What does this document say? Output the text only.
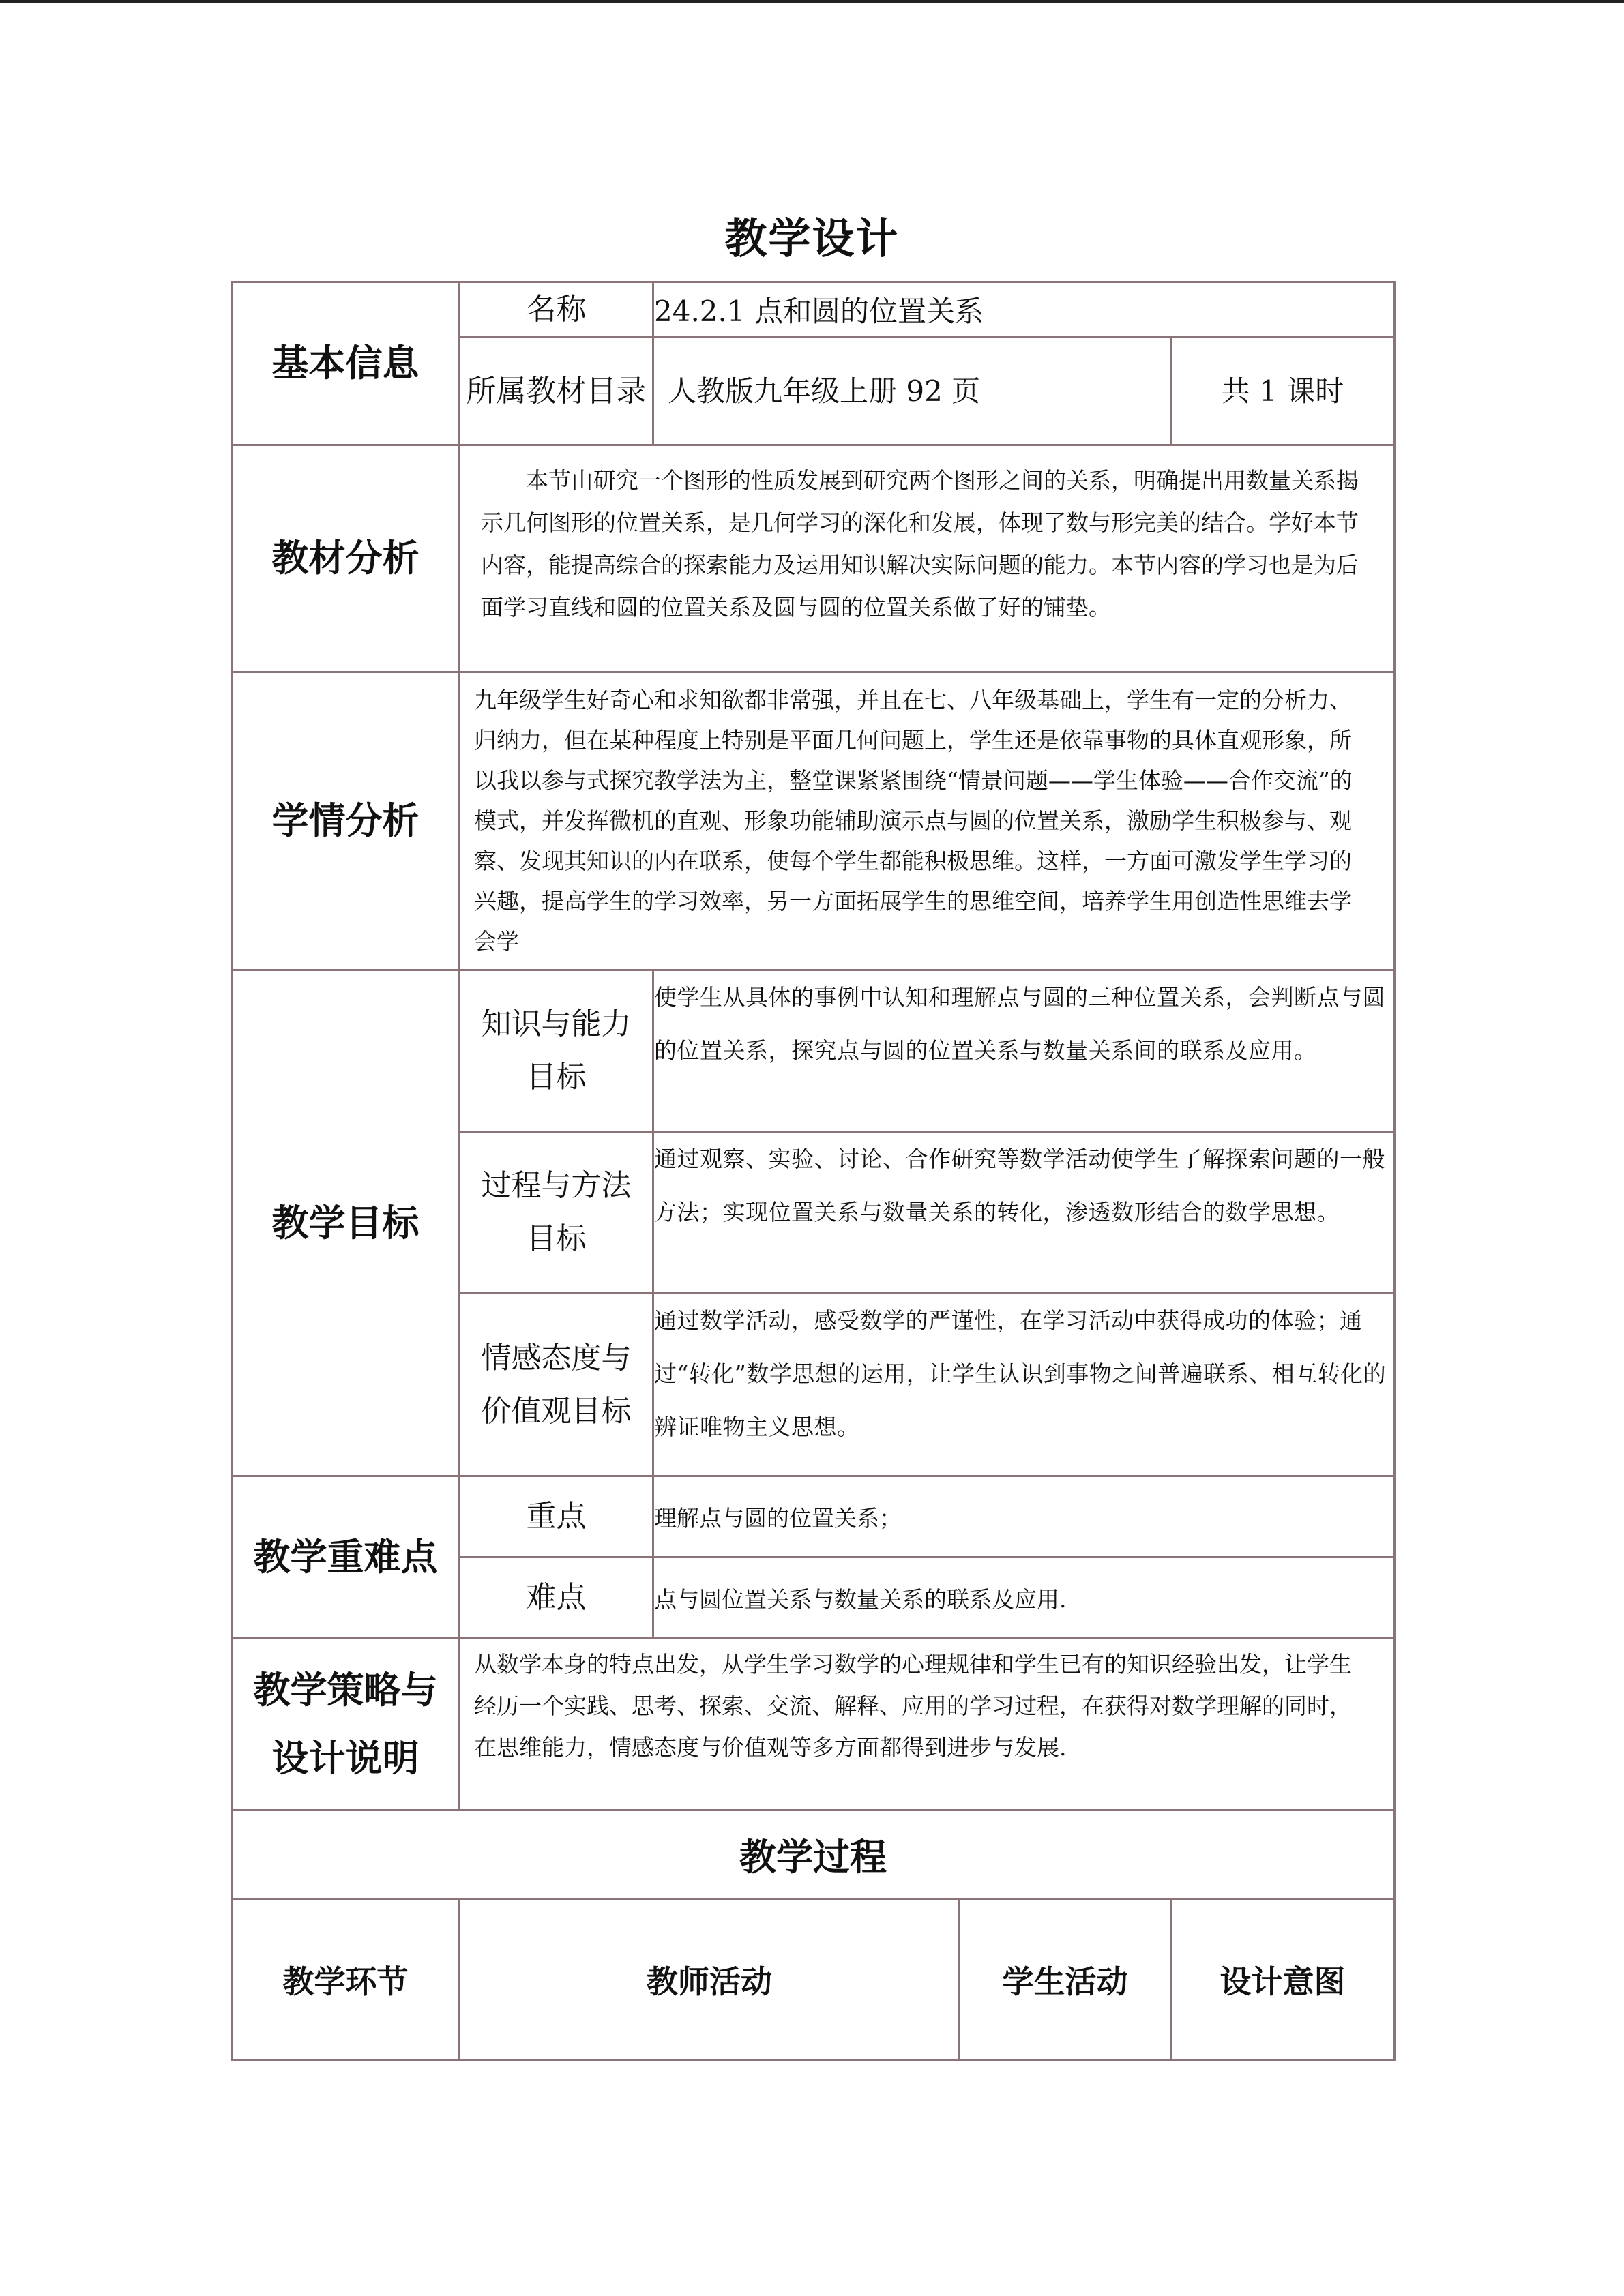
教学设计
基本信息	名称	24.2.1 点和圆的位置关系		
	所属教材目录	人教版九年级上册 92 页		共 1 课时
教材分析	本节由研究一个图形的性质发展到研究两个图形之间的关系，明确提出用数量关系揭示几何图形的位置关系，是几何学习的深化和发展，体现了数与形完美的结合。学好本节内容，能提高综合的探索能力及运用知识解决实际问题的能力。本节内容的学习也是为后面学习直线和圆的位置关系及圆与圆的位置关系做了好的铺垫。			
学情分析	九年级学生好奇心和求知欲都非常强，并且在七、八年级基础上，学生有一定的分析力、归纳力，但在某种程度上特别是平面几何问题上，学生还是依靠事物的具体直观形象，所以我以参与式探究教学法为主，整堂课紧紧围绕“情景问题——学生体验——合作交流”的模式，并发挥微机的直观、形象功能辅助演示点与圆的位置关系，激励学生积极参与、观察、发现其知识的内在联系，使每个学生都能积极思维。这样，一方面可激发学生学习的兴趣，提高学生的学习效率，另一方面拓展学生的思维空间，培养学生用创造性思维去学会学			
教学目标	知识与能力目标	使学生从具体的事例中认知和理解点与圆的三种位置关系，会判断点与圆的位置关系，探究点与圆的位置关系与数量关系间的联系及应用。		
	过程与方法目标	通过观察、实验、讨论、合作研究等数学活动使学生了解探索问题的一般方法；实现位置关系与数量关系的转化，渗透数形结合的数学思想。		
	情感态度与价值观目标	通过数学活动，感受数学的严谨性，在学习活动中获得成功的体验；通过“转化”数学思想的运用，让学生认识到事物之间普遍联系、相互转化的辨证唯物主义思想。		
教学重难点	重点	理解点与圆的位置关系；		
	难点	点与圆位置关系与数量关系的联系及应用.		
教学策略与设计说明	从数学本身的特点出发，从学生学习数学的心理规律和学生已有的知识经验出发，让学生经历一个实践、思考、探索、交流、解释、应用的学习过程，在获得对数学理解的同时，在思维能力，情感态度与价值观等多方面都得到进步与发展.			
教学过程				
教学环节	教师活动		学生活动	设计意图
